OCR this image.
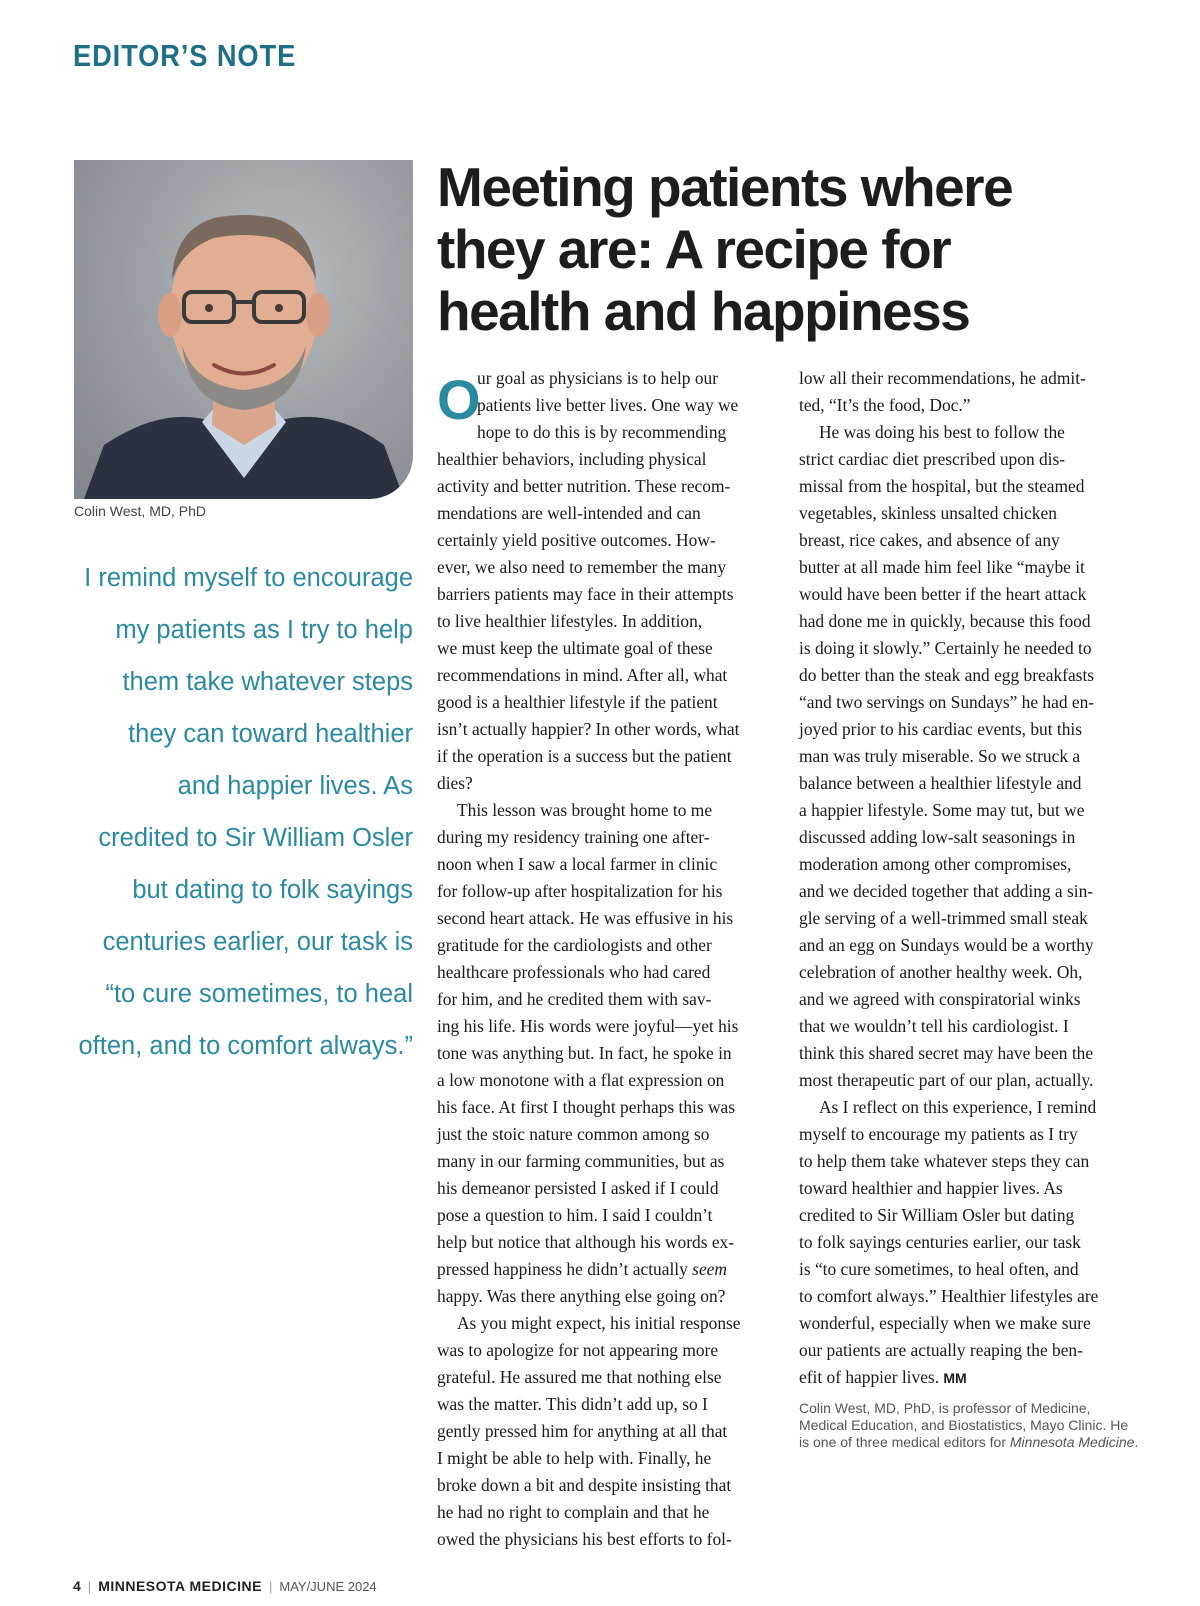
EDITOR’S NOTE
Colin West, MD, PhD
I remind myself to encourage
my patients as I try to help
them take whatever steps
they can toward healthier
and happier lives. As
credited to Sir William Osler
but dating to folk sayings
centuries earlier, our task is
“to cure sometimes, to heal
often, and to comfort always.”
Meeting patients where
they are: A recipe for
health and happiness
O
ur goal as physicians is to help our
patients live better lives. One way we
hope to do this is by recommending
healthier behaviors, including physical
activity and better nutrition. These recom-
mendations are well-intended and can
certainly yield positive outcomes. How-
ever, we also need to remember the many
barriers patients may face in their attempts
to live healthier lifestyles. In addition,
we must keep the ultimate goal of these
recommendations in mind. After all, what
good is a healthier lifestyle if the patient
isn’t actually happier? In other words, what
if the operation is a success but the patient
dies?
This lesson was brought home to me
during my residency training one after-
noon when I saw a local farmer in clinic
for follow-up after hospitalization for his
second heart attack. He was effusive in his
gratitude for the cardiologists and other
healthcare professionals who had cared
for him, and he credited them with sav-
ing his life. His words were joyful—yet his
tone was anything but. In fact, he spoke in
a low monotone with a flat expression on
his face. At first I thought perhaps this was
just the stoic nature common among so
many in our farming communities, but as
his demeanor persisted I asked if I could
pose a question to him. I said I couldn’t
help but notice that although his words ex-
pressed happiness he didn’t actually seem
happy. Was there anything else going on?
As you might expect, his initial response
was to apologize for not appearing more
grateful. He assured me that nothing else
was the matter. This didn’t add up, so I
gently pressed him for anything at all that
I might be able to help with. Finally, he
broke down a bit and despite insisting that
he had no right to complain and that he
owed the physicians his best efforts to fol-
low all their recommendations, he admit-
ted, “It’s the food, Doc.”
He was doing his best to follow the
strict cardiac diet prescribed upon dis-
missal from the hospital, but the steamed
vegetables, skinless unsalted chicken
breast, rice cakes, and absence of any
butter at all made him feel like “maybe it
would have been better if the heart attack
had done me in quickly, because this food
is doing it slowly.” Certainly he needed to
do better than the steak and egg breakfasts
“and two servings on Sundays” he had en-
joyed prior to his cardiac events, but this
man was truly miserable. So we struck a
balance between a healthier lifestyle and
a happier lifestyle. Some may tut, but we
discussed adding low-salt seasonings in
moderation among other compromises,
and we decided together that adding a sin-
gle serving of a well-trimmed small steak
and an egg on Sundays would be a worthy
celebration of another healthy week. Oh,
and we agreed with conspiratorial winks
that we wouldn’t tell his cardiologist. I
think this shared secret may have been the
most therapeutic part of our plan, actually.
As I reflect on this experience, I remind
myself to encourage my patients as I try
to help them take whatever steps they can
toward healthier and happier lives. As
credited to Sir William Osler but dating
to folk sayings centuries earlier, our task
is “to cure sometimes, to heal often, and
to comfort always.” Healthier lifestyles are
wonderful, especially when we make sure
our patients are actually reaping the ben-
efit of happier lives. MM
Colin West, MD, PhD, is professor of Medicine, Medical Education, and Biostatistics, Mayo Clinic. He is one of three medical editors for Minnesota Medicine.
4 | MINNESOTA MEDICINE | MAY/JUNE 2024
